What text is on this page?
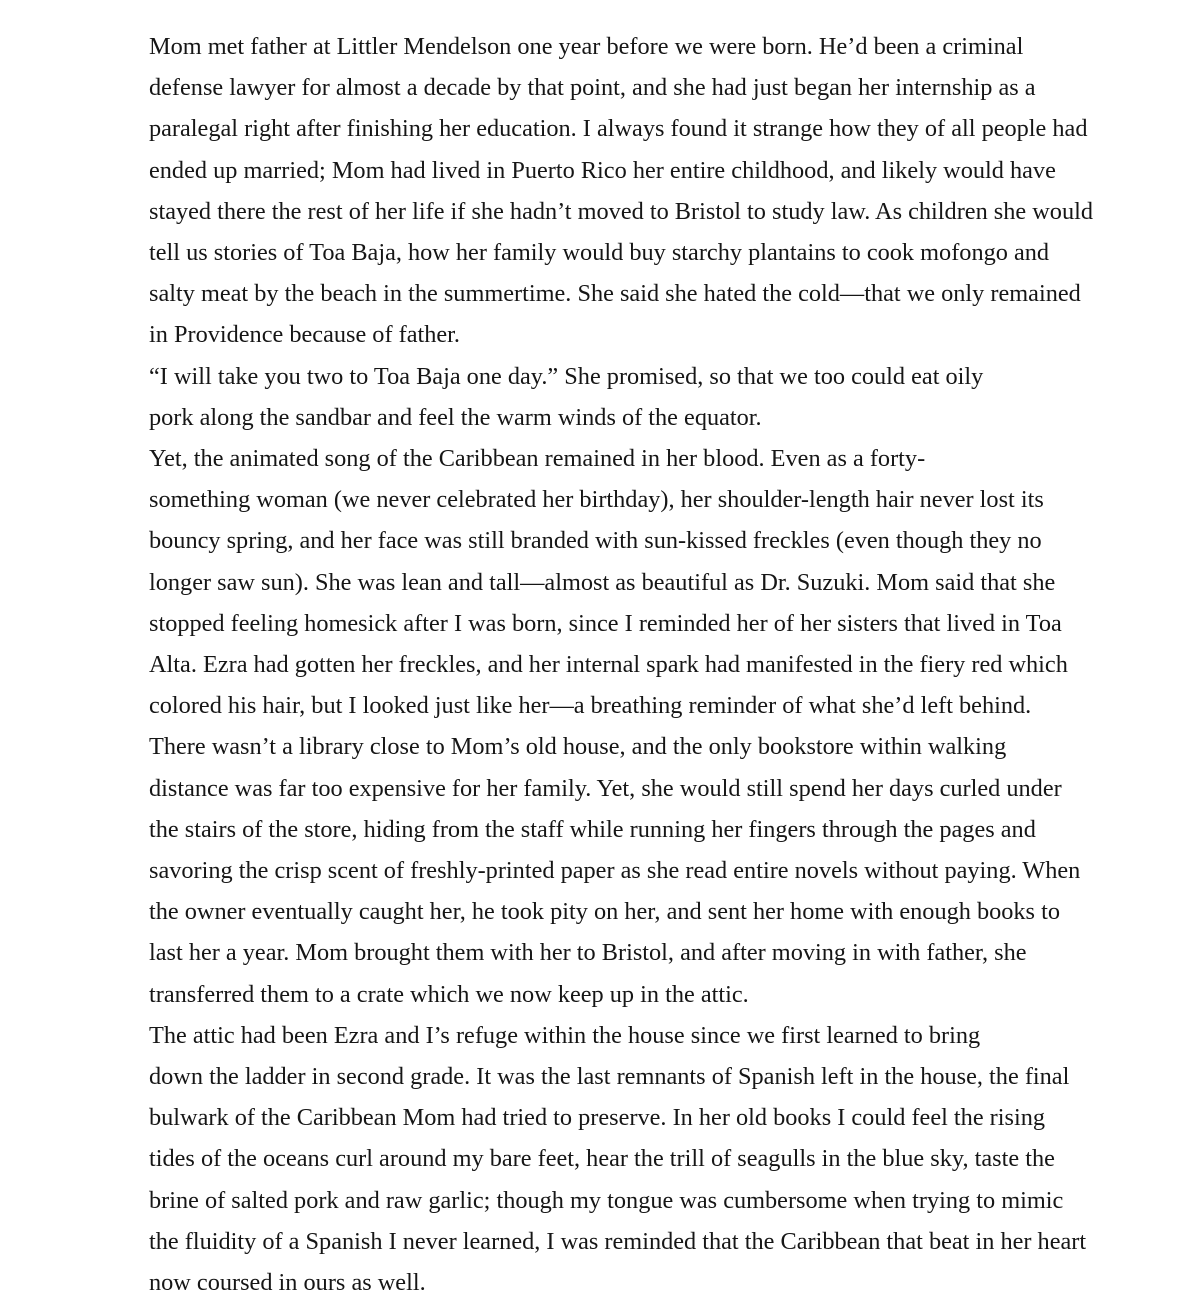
Mom met father at Littler Mendelson one year before we were born. He’d been a criminal
defense lawyer for almost a decade by that point, and she had just began her internship as a
paralegal right after finishing her education. I always found it strange how they of all people had
ended up married; Mom had lived in Puerto Rico her entire childhood, and likely would have
stayed there the rest of her life if she hadn’t moved to Bristol to study law. As children she would
tell us stories of Toa Baja, how her family would buy starchy plantains to cook mofongo and
salty meat by the beach in the summertime. She said she hated the cold—that we only remained
in Providence because of father.

“I will take you two to Toa Baja one day.” She promised, so that we too could eat oily
pork along the sandbar and feel the warm winds of the equator.

Yet, the animated song of the Caribbean remained in her blood. Even as a forty-
something woman (we never celebrated her birthday), her shoulder-length hair never lost its
bouncy spring, and her face was still branded with sun-kissed freckles (even though they no
longer saw sun). She was lean and tall—almost as beautiful as Dr. Suzuki. Mom said that she
stopped feeling homesick after I was born, since I reminded her of her sisters that lived in Toa
Alta. Ezra had gotten her freckles, and her internal spark had manifested in the fiery red which
colored his hair, but I looked just like her—a breathing reminder of what she’d left behind.

There wasn’t a library close to Mom’s old house, and the only bookstore within walking
distance was far too expensive for her family. Yet, she would still spend her days curled under
the stairs of the store, hiding from the staff while running her fingers through the pages and
savoring the crisp scent of freshly-printed paper as she read entire novels without paying. When
the owner eventually caught her, he took pity on her, and sent her home with enough books to
last her a year. Mom brought them with her to Bristol, and after moving in with father, she
transferred them to a crate which we now keep up in the attic.

The attic had been Ezra and I’s refuge within the house since we first learned to bring
down the ladder in second grade. It was the last remnants of Spanish left in the house, the final
bulwark of the Caribbean Mom had tried to preserve. In her old books I could feel the rising
tides of the oceans curl around my bare feet, hear the trill of seagulls in the blue sky, taste the
brine of salted pork and raw garlic; though my tongue was cumbersome when trying to mimic
the fluidity of a Spanish I never learned, I was reminded that the Caribbean that beat in her heart
now coursed in ours as well.
